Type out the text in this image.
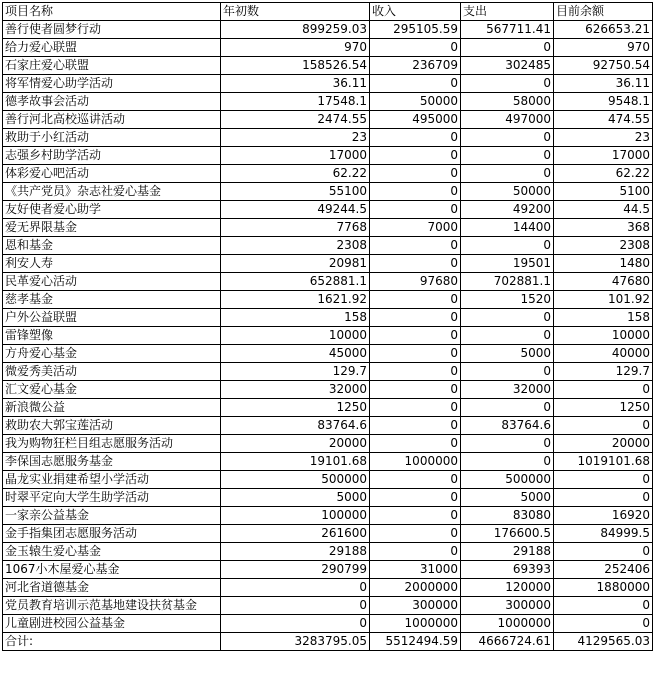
项目名称	年初数	收入	支出	目前余额
善行使者圆梦行动	899259.03	295105.59	567711.41	626653.21
给力爱心联盟	970	0	0	970
石家庄爱心联盟	158526.54	236709	302485	92750.54
将军情爱心助学活动	36.11	0	0	36.11
德孝故事会活动	17548.1	50000	58000	9548.1
善行河北高校巡讲活动	2474.55	495000	497000	474.55
救助于小红活动	23	0	0	23
志强乡村助学活动	17000	0	0	17000
体彩爱心吧活动	62.22	0	0	62.22
《共产党员》杂志社爱心基金	55100	0	50000	5100
友好使者爱心助学	49244.5	0	49200	44.5
爱无界限基金	7768	7000	14400	368
恩和基金	2308	0	0	2308
利安人寿	20981	0	19501	1480
民革爱心活动	652881.1	97680	702881.1	47680
慈孝基金	1621.92	0	1520	101.92
户外公益联盟	158	0	0	158
雷锋塑像	10000	0	0	10000
方舟爱心基金	45000	0	5000	40000
微爱秀美活动	129.7	0	0	129.7
汇文爱心基金	32000	0	32000	0
新浪微公益	1250	0	0	1250
救助农大郭宝莲活动	83764.6	0	83764.6	0
我为购物狂栏目组志愿服务活动	20000	0	0	20000
李保国志愿服务基金	19101.68	1000000	0	1019101.68
晶龙实业捐建希望小学活动	500000	0	500000	0
时翠平定向大学生助学活动	5000	0	5000	0
一家亲公益基金	100000	0	83080	16920
金手指集团志愿服务活动	261600	0	176600.5	84999.5
金玉辕生爱心基金	29188	0	29188	0
1067小木屋爱心基金	290799	31000	69393	252406
河北省道德基金	0	2000000	120000	1880000
党员教育培训示范基地建设扶贫基金	0	300000	300000	0
儿童剧进校园公益基金	0	1000000	1000000	0
合计:	3283795.05	5512494.59	4666724.61	4129565.03
